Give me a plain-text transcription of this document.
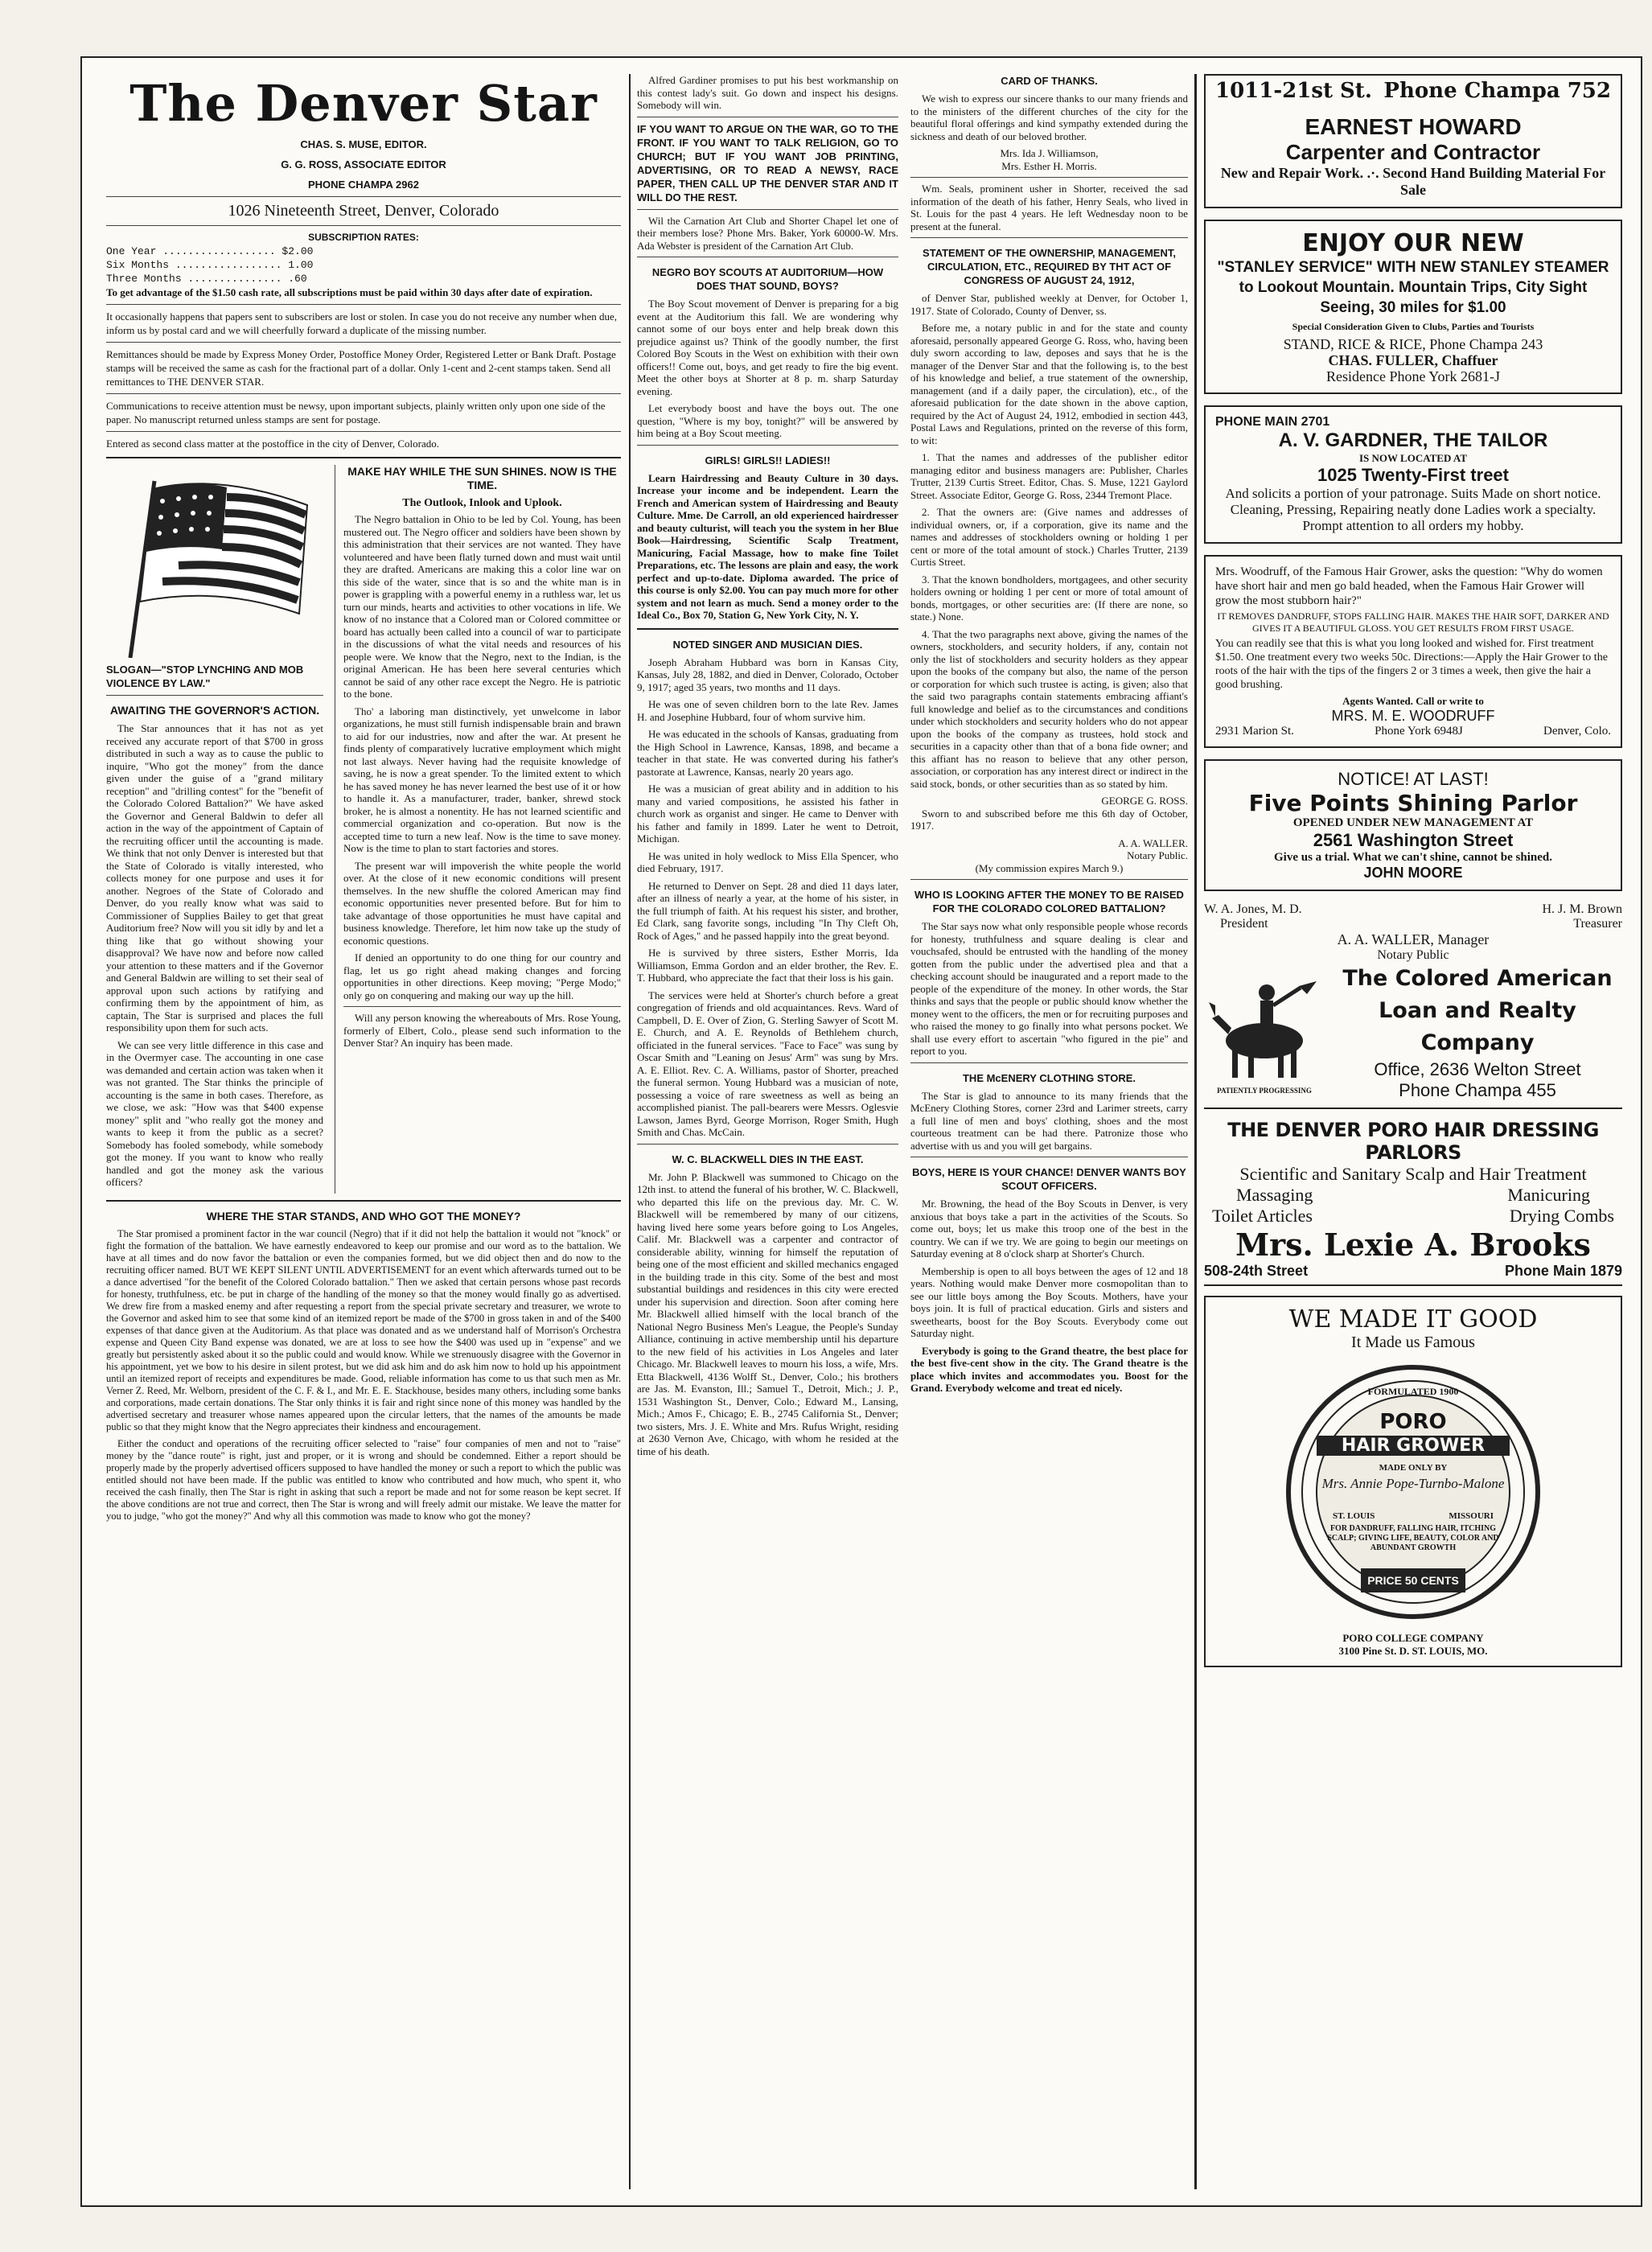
The Denver Star
CHAS. S. MUSE, EDITOR.
G. G. ROSS, ASSOCIATE EDITOR
PHONE CHAMPA 2962
1026 Nineteenth Street, Denver, Colorado
SUBSCRIPTION RATES:
One Year .................. $2.00
Six Months ................. 1.00
Three Months ............... .60
To get advantage of the $1.50 cash rate, all subscriptions must be paid within 30 days after date of expiration.
It occasionally happens that papers sent to subscribers are lost or stolen. In case you do not receive any number when due, inform us by postal card and we will cheerfully forward a duplicate of the missing number.
Remittances should be made by Express Money Order, Postoffice Money Order, Registered Letter or Bank Draft. Postage stamps will be received the same as cash for the fractional part of a dollar. Only 1-cent and 2-cent stamps taken. Send all remittances to THE DENVER STAR.
Communications to receive attention must be newsy, upon important subjects, plainly written only upon one side of the paper. No manuscript returned unless stamps are sent for postage.
Entered as second class matter at the postoffice in the city of Denver, Colorado.
SLOGAN—"STOP LYNCHING AND MOB VIOLENCE BY LAW."
AWAITING THE GOVERNOR'S ACTION.

The Star announces that it has not as yet received any accurate report of that $700 in gross distributed in such a way as to cause the public to inquire, "Who got the money" from the dance given under the guise of a "grand military reception" and "drilling contest" for the "benefit of the Colorado Colored Battalion?" We have asked the Governor and General Baldwin to defer all action in the way of the appointment of Captain of the recruiting officer until the accounting is made. We think that not only Denver is interested but that the State of Colorado is vitally interested, who collects money for one purpose and uses it for another. Negroes of the State of Colorado and Denver, do you really know what was said to Commissioner of Supplies Bailey to get that great Auditorium free? Now will you sit idly by and let a thing like that go without showing your disapproval? We have now and before now called your attention to these matters and if the Governor and General Baldwin are willing to set their seal of approval upon such actions by ratifying and confirming them by the appointment of him, as captain, The Star is surprised and places the full responsibility upon them for such acts.

We can see very little difference in this case and in the Overmyer case. The accounting in one case was demanded and certain action was taken when it was not granted. The Star thinks the principle of accounting is the same in both cases. Therefore, as we close, we ask: "How was that $400 expense money" split and "who really got the money and wants to keep it from the public as a secret? Somebody has fooled somebody, while somebody got the money. If you want to know who really handled and got the money ask the various officers?

MAKE HAY WHILE THE SUN SHINES. NOW IS THE TIME.
The Outlook, Inlook and Uplook.

The Negro battalion in Ohio to be led by Col. Young, has been mustered out. The Negro officer and soldiers have been shown by this administration that their services are not wanted. They have volunteered and have been flatly turned down and must wait until they are drafted. Americans are making this a color line war on this side of the water, since that is so and the white man is in power is grappling with a powerful enemy in a ruthless war, let us turn our minds, hearts and activities to other vocations in life. We know of no instance that a Colored man or Colored committee or board has actually been called into a council of war to participate in the discussions of what the vital needs and resources of his people were. We know that the Negro, next to the Indian, is the original American. He has been here several centuries which cannot be said of any other race except the Negro. He is patriotic to the bone.

Tho' a laboring man distinctively, yet unwelcome in labor organizations, he must still furnish indispensable brain and brawn to aid for our industries, now and after the war. At present he finds plenty of comparatively lucrative employment which might not last always. Never having had the requisite knowledge of saving, he is now a great spender. To the limited extent to which he has saved money he has never learned the best use of it or how to handle it. As a manufacturer, trader, banker, shrewd stock broker, he is almost a nonentity. He has not learned scientific and commercial organization and co-operation. But now is the accepted time to turn a new leaf. Now is the time to save money. Now is the time to plan to start factories and stores.

The present war will impoverish the white people the world over. At the close of it new economic conditions will present themselves. In the new shuffle the colored American may find economic opportunities never presented before. But for him to take advantage of those opportunities he must have capital and business knowledge. Therefore, let him now take up the study of economic questions.

If denied an opportunity to do one thing for our country and flag, let us go right ahead making changes and forcing opportunities in other directions. Keep moving; "Perge Modo;" only go on conquering and making our way up the hill.

Will any person knowing the whereabouts of Mrs. Rose Young, formerly of Elbert, Colo., please send such information to the Denver Star? An inquiry has been made.

WHERE THE STAR STANDS, AND WHO GOT THE MONEY?

The Star promised a prominent factor in the war council (Negro) that if it did not help the battalion it would not "knock" or fight the formation of the battalion. We have earnestly endeavored to keep our promise and our word as to the battalion. We have at all times and do now favor the battalion or even the companies formed, but we did object then and do now to the recruiting officer named. BUT WE KEPT SILENT UNTIL ADVERTISEMENT for an event which afterwards turned out to be a dance advertised "for the benefit of the Colored Colorado battalion." Then we asked that certain persons whose past records for honesty, truthfulness, etc. be put in charge of the handling of the money so that the money would finally go as advertised. We drew fire from a masked enemy and after requesting a report from the special private secretary and treasurer, we wrote to the Governor and asked him to see that some kind of an itemized report be made of the $700 in gross taken in and of the $400 expenses of that dance given at the Auditorium. As that place was donated and as we understand half of Morrison's Orchestra expense and Queen City Band expense was donated, we are at loss to see how the $400 was used up in "expense" and we greatly but persistently asked about it so the public could and would know. While we strenuously disagree with the Governor in his appointment, yet we bow to his desire in silent protest, but we did ask him and do ask him now to hold up his appointment until an itemized report of receipts and expenditures be made. Good, reliable information has come to us that such men as Mr. Verner Z. Reed, Mr. Welborn, president of the C. F. & I., and Mr. E. E. Stackhouse, besides many others, including some banks and corporations, made certain donations. The Star only thinks it is fair and right since none of this money was handled by the advertised secretary and treasurer whose names appeared upon the circular letters, that the names of the amounts be made public so that they might know that the Negro appreciates their kindness and encouragement.

Either the conduct and operations of the recruiting officer selected to "raise" four companies of men and not to "raise" money by the "dance route" is right, just and proper, or it is wrong and should be condemned. Either a report should be properly made by the properly advertised officers supposed to have handled the money or such a report to which the public was entitled should not have been made. If the public was entitled to know who contributed and how much, who spent it, who received the cash finally, then The Star is right in asking that such a report be made and not for some reason be kept secret. If the above conditions are not true and correct, then The Star is wrong and will freely admit our mistake. We leave the matter for you to judge, "who got the money?" And why all this commotion was made to know who got the money?

Alfred Gardiner promises to put his best workmanship on this contest lady's suit. Go down and inspect his designs. Somebody will win.

IF YOU WANT TO ARGUE ON THE WAR, GO TO THE FRONT. IF YOU WANT TO TALK RELIGION, GO TO CHURCH; BUT IF YOU WANT JOB PRINTING, ADVERTISING, OR TO READ A NEWSY, RACE PAPER, THEN CALL UP THE DENVER STAR AND IT WILL DO THE REST.

Wil the Carnation Art Club and Shorter Chapel let one of their members lose? Phone Mrs. Baker, York 60000-W. Mrs. Ada Webster is president of the Carnation Art Club.

NEGRO BOY SCOUTS AT AUDITORIUM—HOW DOES THAT SOUND, BOYS?

The Boy Scout movement of Denver is preparing for a big event at the Auditorium this fall. We are wondering why cannot some of our boys enter and help break down this prejudice against us? Think of the goodly number, the first Colored Boy Scouts in the West on exhibition with their own officers!! Come out, boys, and get ready to fire the big event. Meet the other boys at Shorter at 8 p. m. sharp Saturday evening.

Let everybody boost and have the boys out. The one question, "Where is my boy, tonight?" will be answered by him being at a Boy Scout meeting.

GIRLS! GIRLS!! LADIES!!

Learn Hairdressing and Beauty Culture in 30 days. Increase your income and be independent. Learn the French and American system of Hairdressing and Beauty Culture. Mme. De Carroll, an old experienced hairdresser and beauty culturist, will teach you the system in her Blue Book—Hairdressing, Scientific Scalp Treatment, Manicuring, Facial Massage, how to make fine Toilet Preparations, etc. The lessons are plain and easy, the work perfect and up-to-date. Diploma awarded. The price of this course is only $2.00. You can pay much more for other system and not learn as much. Send a money order to the Ideal Co., Box 70, Station G, New York City, N. Y.

NOTED SINGER AND MUSICIAN DIES.

Joseph Abraham Hubbard was born in Kansas City, Kansas, July 28, 1882, and died in Denver, Colorado, October 9, 1917; aged 35 years, two months and 11 days.

He was one of seven children born to the late Rev. James H. and Josephine Hubbard, four of whom survive him.

He was educated in the schools of Kansas, graduating from the High School in Lawrence, Kansas, 1898, and became a teacher in that state. He was converted during his father's pastorate at Lawrence, Kansas, nearly 20 years ago.

He was a musician of great ability and in addition to his many and varied compositions, he assisted his father in church work as organist and singer. He came to Denver with his father and family in 1899. Later he went to Detroit, Michigan.

He was united in holy wedlock to Miss Ella Spencer, who died February, 1917.

He returned to Denver on Sept. 28 and died 11 days later, after an illness of nearly a year, at the home of his sister, in the full triumph of faith. At his request his sister, and brother, Ed Clark, sang favorite songs, including "In Thy Cleft Oh, Rock of Ages," and he passed happily into the great beyond.

He is survived by three sisters, Esther Morris, Ida Williamson, Emma Gordon and an elder brother, the Rev. E. T. Hubbard, who appreciate the fact that their loss is his gain.

The services were held at Shorter's church before a great congregation of friends and old acquaintances. Revs. Ward of Campbell, D. E. Over of Zion, G. Sterling Sawyer of Scott M. E. Church, and A. E. Reynolds of Bethlehem church, officiated in the funeral services. "Face to Face" was sung by Oscar Smith and "Leaning on Jesus' Arm" was sung by Mrs. A. E. Elliot. Rev. C. A. Williams, pastor of Shorter, preached the funeral sermon. Young Hubbard was a musician of note, possessing a voice of rare sweetness as well as being an accomplished pianist. The pall-bearers were Messrs. Oglesvie Lawson, James Byrd, George Morrison, Roger Smith, Hugh Smith and Chas. McCain.

W. C. BLACKWELL DIES IN THE EAST.

Mr. John P. Blackwell was summoned to Chicago on the 12th inst. to attend the funeral of his brother, W. C. Blackwell, who departed this life on the previous day. Mr. C. W. Blackwell will be remembered by many of our citizens, having lived here some years before going to Los Angeles, Calif. Mr. Blackwell was a carpenter and contractor of considerable ability, winning for himself the reputation of being one of the most efficient and skilled mechanics engaged in the building trade in this city. Some of the best and most substantial buildings and residences in this city were erected under his supervision and direction. Soon after coming here Mr. Blackwell allied himself with the local branch of the National Negro Business Men's League, the People's Sunday Alliance, continuing in active membership until his departure to the new field of his activities in Los Angeles and later Chicago. Mr. Blackwell leaves to mourn his loss, a wife, Mrs. Etta Blackwell, 4136 Wolff St., Denver, Colo.; his brothers are Jas. M. Evanston, Ill.; Samuel T., Detroit, Mich.; J. P., 1531 Washington St., Denver, Colo.; Edward M., Lansing, Mich.; Amos F., Chicago; E. B., 2745 California St., Denver; two sisters, Mrs. J. E. White and Mrs. Rufus Wright, residing at 2630 Vernon Ave, Chicago, with whom he resided at the time of his death.

CARD OF THANKS.

We wish to express our sincere thanks to our many friends and to the ministers of the different churches of the city for the beautiful floral offerings and kind sympathy extended during the sickness and death of our beloved brother.

Mrs. Ida J. Williamson,
Mrs. Esther H. Morris.

Wm. Seals, prominent usher in Shorter, received the sad information of the death of his father, Henry Seals, who lived in St. Louis for the past 4 years. He left Wednesday noon to be present at the funeral.

STATEMENT OF THE OWNERSHIP, MANAGEMENT, CIRCULATION, ETC., REQUIRED BY THT ACT OF CONGRESS OF AUGUST 24, 1912,

of Denver Star, published weekly at Denver, for October 1, 1917. State of Colorado, County of Denver, ss.

Before me, a notary public in and for the state and county aforesaid, personally appeared George G. Ross, who, having been duly sworn according to law, deposes and says that he is the manager of the Denver Star and that the following is, to the best of his knowledge and belief, a true statement of the ownership, management (and if a daily paper, the circulation), etc., of the aforesaid publication for the date shown in the above caption, required by the Act of August 24, 1912, embodied in section 443, Postal Laws and Regulations, printed on the reverse of this form, to wit:

1. That the names and addresses of the publisher editor managing editor and business managers are: Publisher, Charles Trutter, 2139 Curtis Street. Editor, Chas. S. Muse, 1221 Gaylord Street. Associate Editor, George G. Ross, 2344 Tremont Place.

2. That the owners are: (Give names and addresses of individual owners, or, if a corporation, give its name and the names and addresses of stockholders owning or holding 1 per cent or more of the total amount of stock.) Charles Trutter, 2139 Curtis Street.

3. That the known bondholders, mortgagees, and other security holders owning or holding 1 per cent or more of total amount of bonds, mortgages, or other securities are: (If there are none, so state.) None.

4. That the two paragraphs next above, giving the names of the owners, stockholders, and security holders, if any, contain not only the list of stockholders and security holders as they appear upon the books of the company but also, the name of the person or corporation for which such trustee is acting, is given; also that the said two paragraphs contain statements embracing affiant's full knowledge and belief as to the circumstances and conditions under which stockholders and security holders who do not appear upon the books of the company as trustees, hold stock and securities in a capacity other than that of a bona fide owner; and this affiant has no reason to believe that any other person, association, or corporation has any interest direct or indirect in the said stock, bonds, or other securities than as so stated by him.

GEORGE G. ROSS.

Sworn to and subscribed before me this 6th day of October, 1917.

A. A. WALLER.
Notary Public.
(My commission expires March 9.)
WHO IS LOOKING AFTER THE MONEY TO BE RAISED FOR THE COLORADO COLORED BATTALION?

The Star says now what only responsible people whose records for honesty, truthfulness and square dealing is clear and vouchsafed, should be entrusted with the handling of the money gotten from the public under the advertised plea and that a checking account should be inaugurated and a report made to the people of the expenditure of the money. In other words, the Star thinks and says that the people or public should know whether the money went to the officers, the men or for recruiting purposes and who raised the money to go finally into what persons pocket. We shall use every effort to ascertain "who figured in the pie" and report to you.

THE McENERY CLOTHING STORE.

The Star is glad to announce to its many friends that the McEnery Clothing Stores, corner 23rd and Larimer streets, carry a full line of men and boys' clothing, shoes and the most courteous treatment can be had there. Patronize those who advertise with us and you will get bargains.

BOYS, HERE IS YOUR CHANCE! DENVER WANTS BOY SCOUT OFFICERS.

Mr. Browning, the head of the Boy Scouts in Denver, is very anxious that boys take a part in the activities of the Scouts. So come out, boys; let us make this troop one of the best in the country. We can if we try. We are going to begin our meetings on Saturday evening at 8 o'clock sharp at Shorter's Church.

Membership is open to all boys between the ages of 12 and 18 years. Nothing would make Denver more cosmopolitan than to see our little boys among the Boy Scouts. Mothers, have your boys join. It is full of practical education. Girls and sisters and sweethearts, boost for the Boy Scouts. Everybody come out Saturday night.

Everybody is going to the Grand theatre, the best place for the best five-cent show in the city. The Grand theatre is the place which invites and accommodates you. Boost for the Grand. Everybody welcome and treat ed nicely.

1011-21st St. Phone Champa 752
EARNEST HOWARD
Carpenter and Contractor
New and Repair Work. .·. Second Hand Building Material For Sale
ENJOY OUR NEW
"STANLEY SERVICE" WITH NEW STANLEY STEAMER to Lookout Mountain. Mountain Trips, City Sight Seeing, 30 miles for $1.00
Special Consideration Given to Clubs, Parties and Tourists
STAND, RICE & RICE, Phone Champa 243
CHAS. FULLER, Chaffuer
Residence Phone York 2681-J
PHONE MAIN 2701
A. V. GARDNER, THE TAILOR
IS NOW LOCATED AT
1025 Twenty-First treet
And solicits a portion of your patronage. Suits Made on short notice. Cleaning, Pressing, Repairing neatly done Ladies work a specialty. Prompt attention to all orders my hobby.
Mrs. Woodruff, of the Famous Hair Grower, asks the question: "Why do women have short hair and men go bald headed, when the Famous Hair Grower will grow the most stubborn hair?"
IT REMOVES DANDRUFF, STOPS FALLING HAIR. MAKES THE HAIR SOFT, DARKER AND GIVES IT A BEAUTIFUL GLOSS. YOU GET RESULTS FROM FIRST USAGE.
You can readily see that this is what you long looked and wished for. First treatment $1.50. One treatment every two weeks 50c. Directions:—Apply the Hair Grower to the roots of the hair with the tips of the fingers 2 or 3 times a week, then give the hair a good brushing.
Agents Wanted. Call or write to
MRS. M. E. WOODRUFF
2931 Marion St.	Phone York 6948J	Denver, Colo.
NOTICE! AT LAST!
Five Points Shining Parlor
OPENED UNDER NEW MANAGEMENT AT
2561 Washington Street
Give us a trial. What we can't shine, cannot be shined.
JOHN MOORE
W. A. Jones, M. D.	H. J. M. Brown
President	Treasurer
A. A. WALLER, Manager
Notary Public
PATIENTLY PROGRESSING
The Colored American Loan and Realty Company
Office, 2636 Welton Street
Phone Champa 455
THE DENVER PORO HAIR DRESSING PARLORS
Scientific and Sanitary Scalp and Hair Treatment
Massaging	Manicuring
Toilet Articles	Drying Combs
Mrs. Lexie A. Brooks
508-24th Street	Phone Main 1879
WE MADE IT GOOD
It Made us Famous
FORMULATED 1900
PORO
HAIR GROWER
MADE ONLY BY
Mrs. Annie Pope-Turnbo-Malone
ST. LOUIS	MISSOURI
FOR DANDRUFF, FALLING HAIR, ITCHING SCALP; GIVING LIFE, BEAUTY, COLOR AND ABUNDANT GROWTH
PRICE 50 CENTS
PORO COLLEGE COMPANY
3100 Pine St. D. ST. LOUIS, MO.
